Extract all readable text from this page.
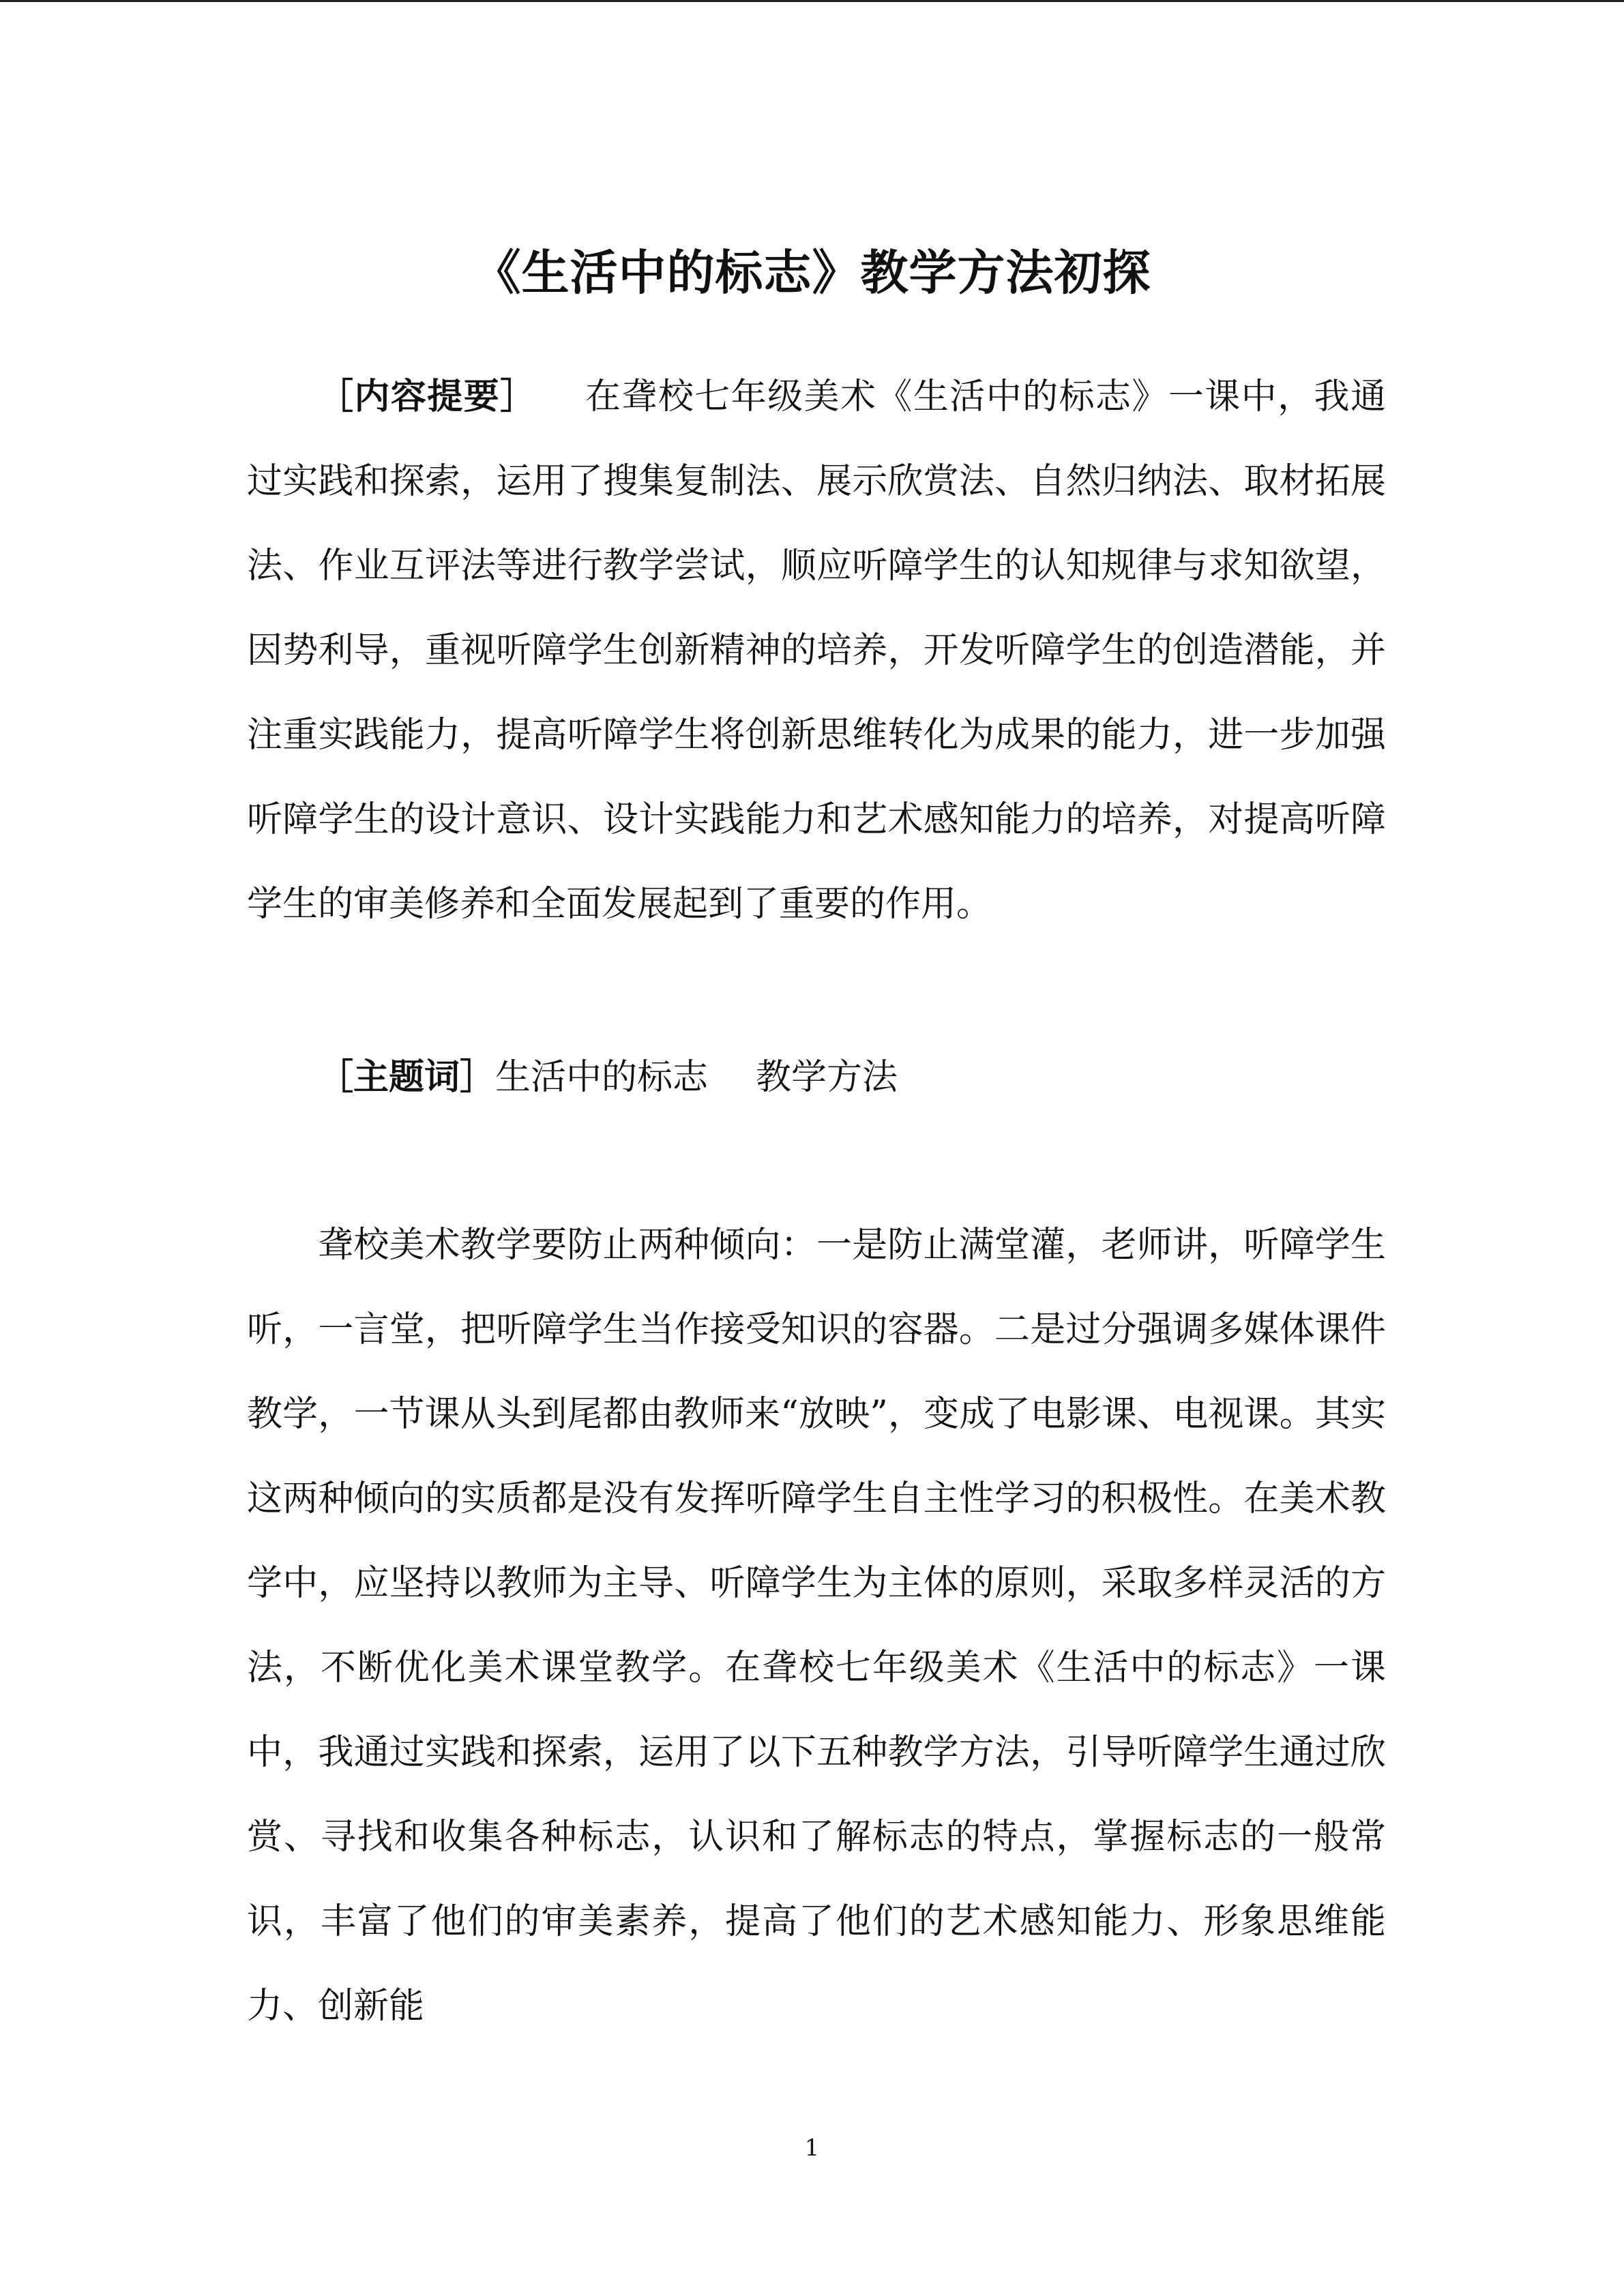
《生活中的标志》教学方法初探

［内容提要］ 在聋校七年级美术《生活中的标志》一课中，我通过实践和探索，运用了搜集复制法、展示欣赏法、自然归纳法、取材拓展法、作业互评法等进行教学尝试，顺应听障学生的认知规律与求知欲望，因势利导，重视听障学生创新精神的培养，开发听障学生的创造潜能，并注重实践能力，提高听障学生将创新思维转化为成果的能力，进一步加强听障学生的设计意识、设计实践能力和艺术感知能力的培养，对提高听障学生的审美修养和全面发展起到了重要的作用。

［主题词］生活中的标志 教学方法

聋校美术教学要防止两种倾向：一是防止满堂灌，老师讲，听障学生听，一言堂，把听障学生当作接受知识的容器。二是过分强调多媒体课件教学，一节课从头到尾都由教师来“放映”，变成了电影课、电视课。其实这两种倾向的实质都是没有发挥听障学生自主性学习的积极性。在美术教学中，应坚持以教师为主导、听障学生为主体的原则，采取多样灵活的方法，不断优化美术课堂教学。在聋校七年级美术《生活中的标志》一课中，我通过实践和探索，运用了以下五种教学方法，引导听障学生通过欣赏、寻找和收集各种标志，认识和了解标志的特点，掌握标志的一般常识，丰富了他们的审美素养，提高了他们的艺术感知能力、形象思维能力、创新能

1
